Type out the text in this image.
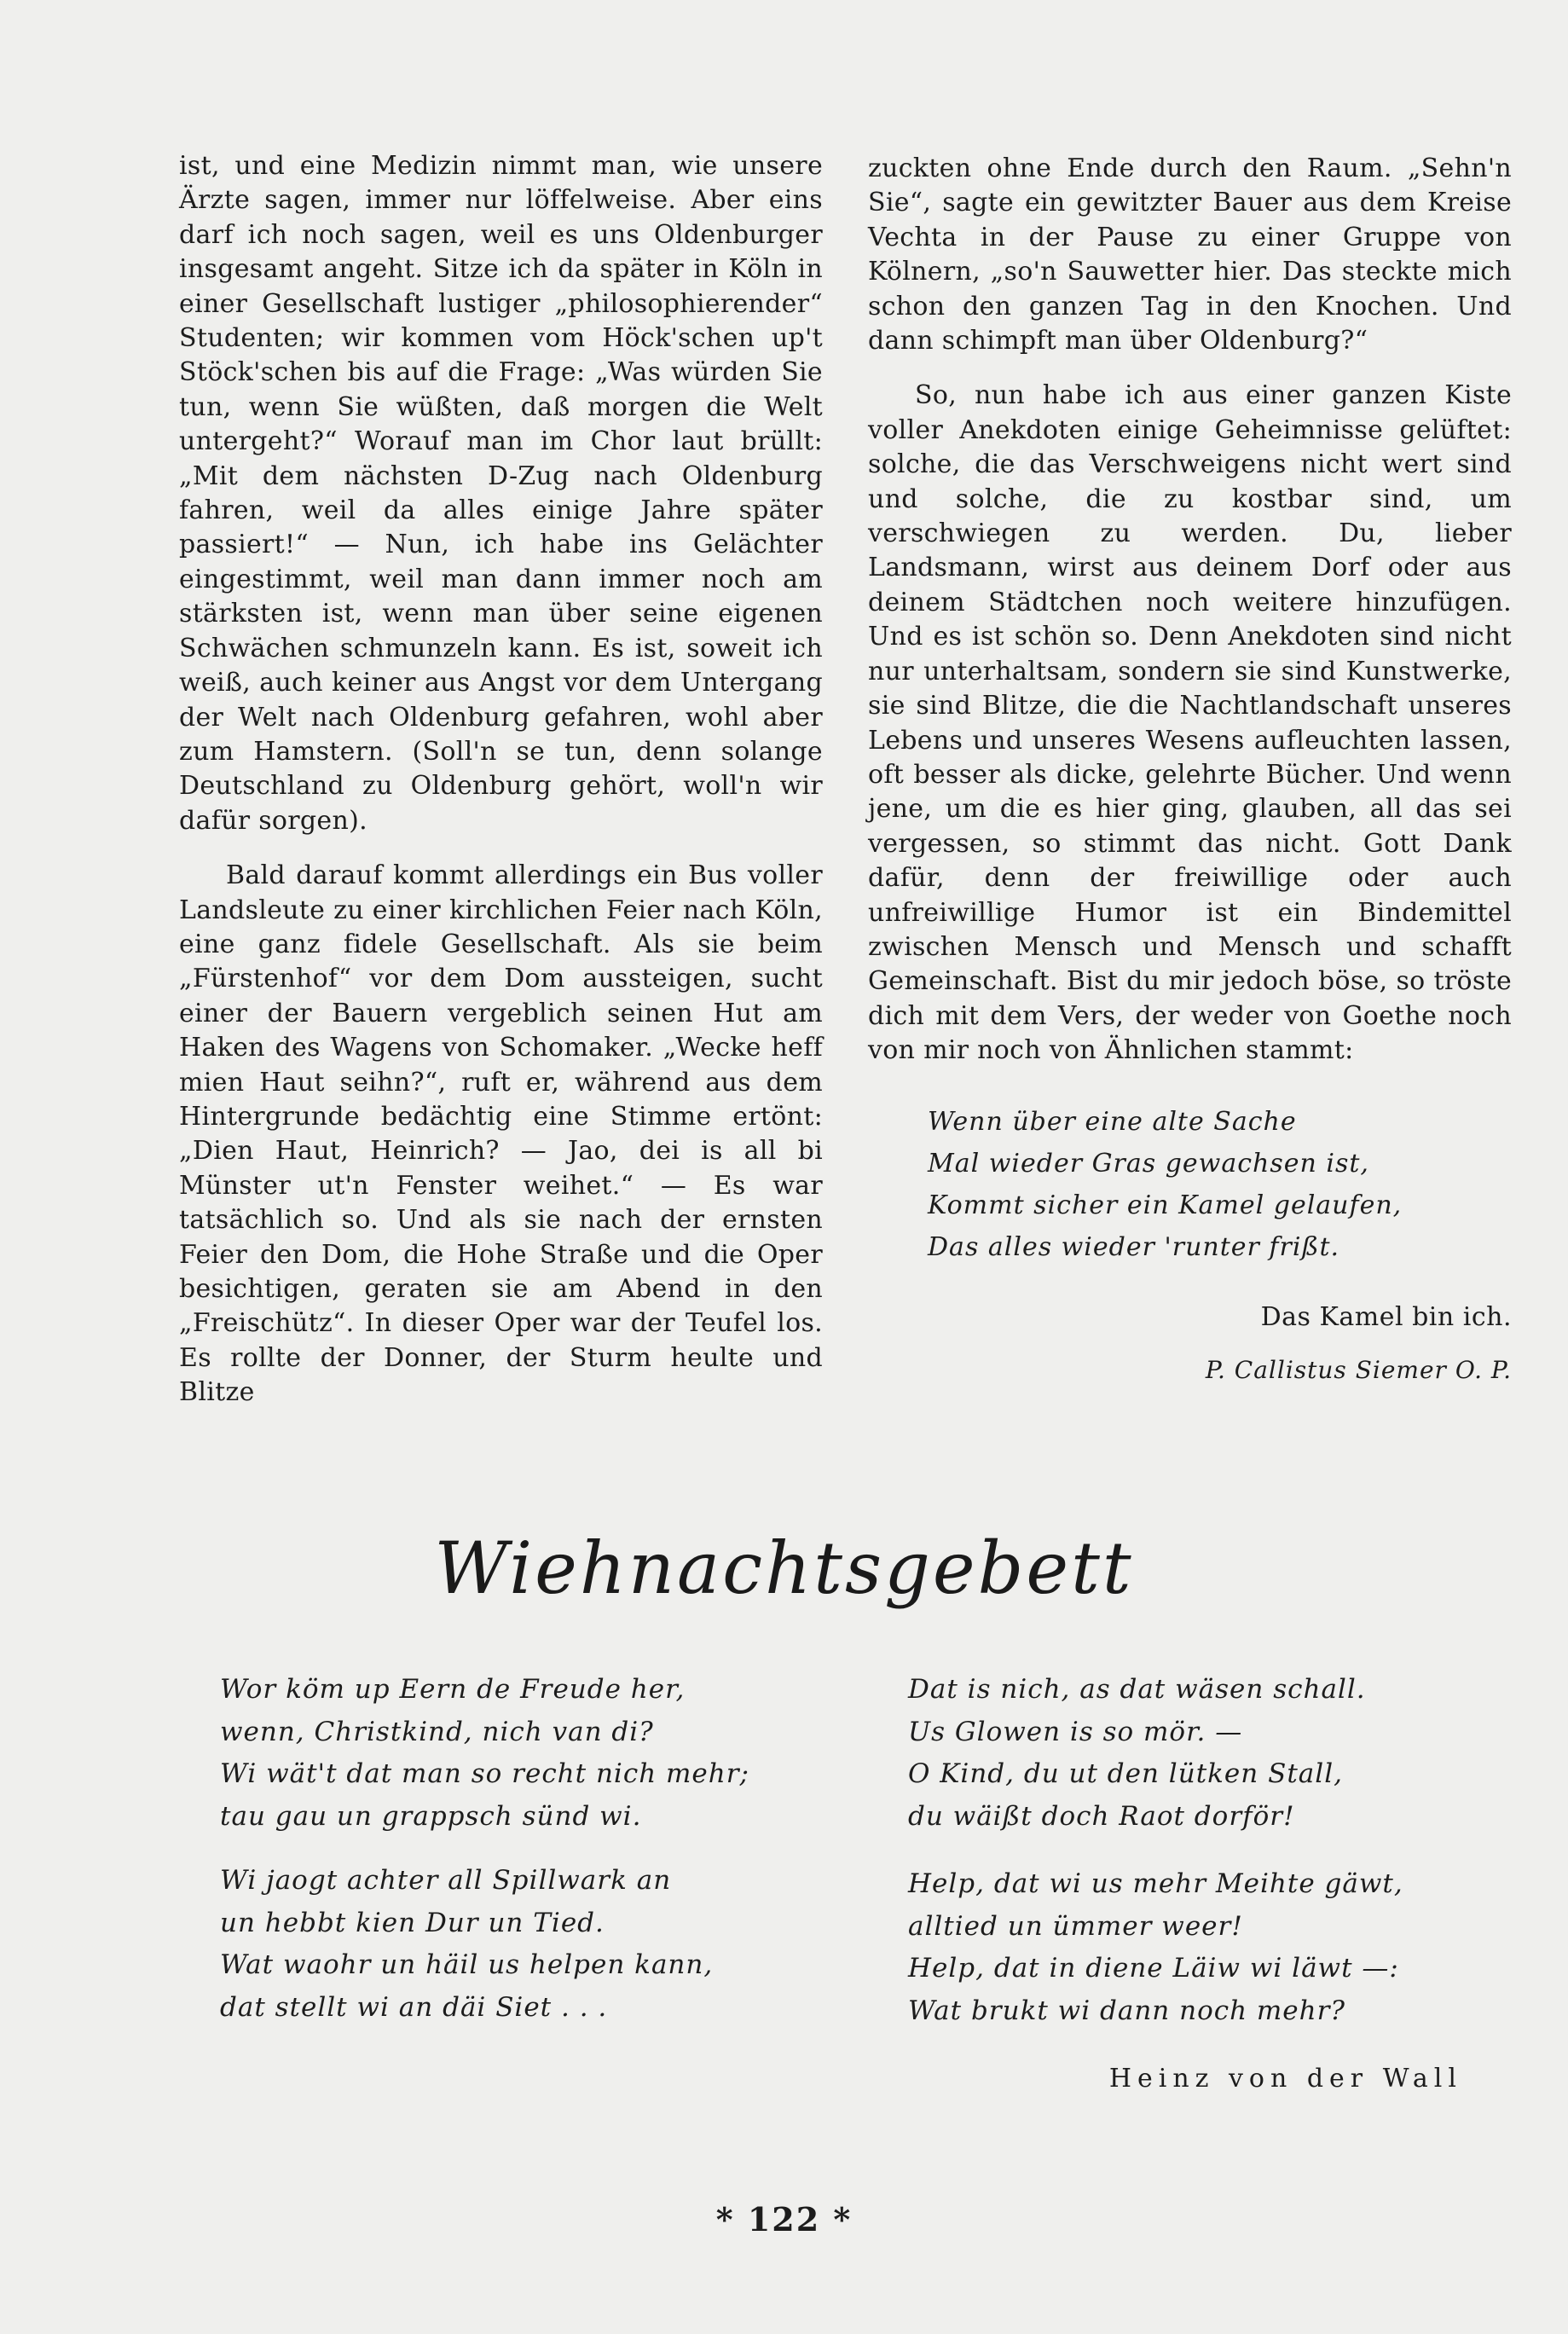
ist, und eine Medizin nimmt man, wie unsere Ärzte sagen, immer nur löffelweise. Aber eins darf ich noch sagen, weil es uns Oldenburger insgesamt angeht. Sitze ich da später in Köln in einer Gesellschaft lustiger „philosophierender“ Studenten; wir kommen vom Höck'schen up't Stöck'schen bis auf die Frage: „Was würden Sie tun, wenn Sie wüßten, daß morgen die Welt untergeht?“ Worauf man im Chor laut brüllt: „Mit dem nächsten D-Zug nach Oldenburg fahren, weil da alles einige Jahre später passiert!“ — Nun, ich habe ins Gelächter eingestimmt, weil man dann immer noch am stärksten ist, wenn man über seine eigenen Schwächen schmunzeln kann. Es ist, soweit ich weiß, auch keiner aus Angst vor dem Untergang der Welt nach Oldenburg gefahren, wohl aber zum Hamstern. (Soll'n se tun, denn solange Deutschland zu Oldenburg gehört, woll'n wir dafür sorgen).

Bald darauf kommt allerdings ein Bus voller Landsleute zu einer kirchlichen Feier nach Köln, eine ganz fidele Gesellschaft. Als sie beim „Fürstenhof“ vor dem Dom aussteigen, sucht einer der Bauern vergeblich seinen Hut am Haken des Wagens von Schomaker. „Wecke heff mien Haut seihn?“, ruft er, während aus dem Hintergrunde bedächtig eine Stimme ertönt: „Dien Haut, Heinrich? — Jao, dei is all bi Münster ut'n Fenster weihet.“ — Es war tatsächlich so. Und als sie nach der ernsten Feier den Dom, die Hohe Straße und die Oper besichtigen, geraten sie am Abend in den „Freischütz“. In dieser Oper war der Teufel los. Es rollte der Donner, der Sturm heulte und Blitze

zuckten ohne Ende durch den Raum. „Sehn'n Sie“, sagte ein gewitzter Bauer aus dem Kreise Vechta in der Pause zu einer Gruppe von Kölnern, „so'n Sauwetter hier. Das steckte mich schon den ganzen Tag in den Knochen. Und dann schimpft man über Oldenburg?“

So, nun habe ich aus einer ganzen Kiste voller Anekdoten einige Geheimnisse gelüftet: solche, die das Verschweigens nicht wert sind und solche, die zu kostbar sind, um verschwiegen zu werden. Du, lieber Landsmann, wirst aus deinem Dorf oder aus deinem Städtchen noch weitere hinzufügen. Und es ist schön so. Denn Anekdoten sind nicht nur unterhaltsam, sondern sie sind Kunstwerke, sie sind Blitze, die die Nachtlandschaft unseres Lebens und unseres Wesens aufleuchten lassen, oft besser als dicke, gelehrte Bücher. Und wenn jene, um die es hier ging, glauben, all das sei vergessen, so stimmt das nicht. Gott Dank dafür, denn der freiwillige oder auch unfreiwillige Humor ist ein Bindemittel zwischen Mensch und Mensch und schafft Gemeinschaft. Bist du mir jedoch böse, so tröste dich mit dem Vers, der weder von Goethe noch von mir noch von Ähnlichen stammt:

Wenn über eine alte Sache
Mal wieder Gras gewachsen ist,
Kommt sicher ein Kamel gelaufen,
Das alles wieder 'runter frißt.
Das Kamel bin ich.
P. Callistus Siemer O. P.
Wiehnachtsgebett
Wor köm up Eern de Freude her,
wenn, Christkind, nich van di?
Wi wät't dat man so recht nich mehr;
tau gau un grappsch sünd wi.
Wi jaogt achter all Spillwark an
un hebbt kien Dur un Tied.
Wat waohr un häil us helpen kann,
dat stellt wi an däi Siet . . .
Dat is nich, as dat wäsen schall.
Us Glowen is so mör. —
O Kind, du ut den lütken Stall,
du wäißt doch Raot dorför!
Help, dat wi us mehr Meihte gäwt,
alltied un ümmer weer!
Help, dat in diene Läiw wi läwt —:
Wat brukt wi dann noch mehr?
Heinz von der Wall
* 122 *
